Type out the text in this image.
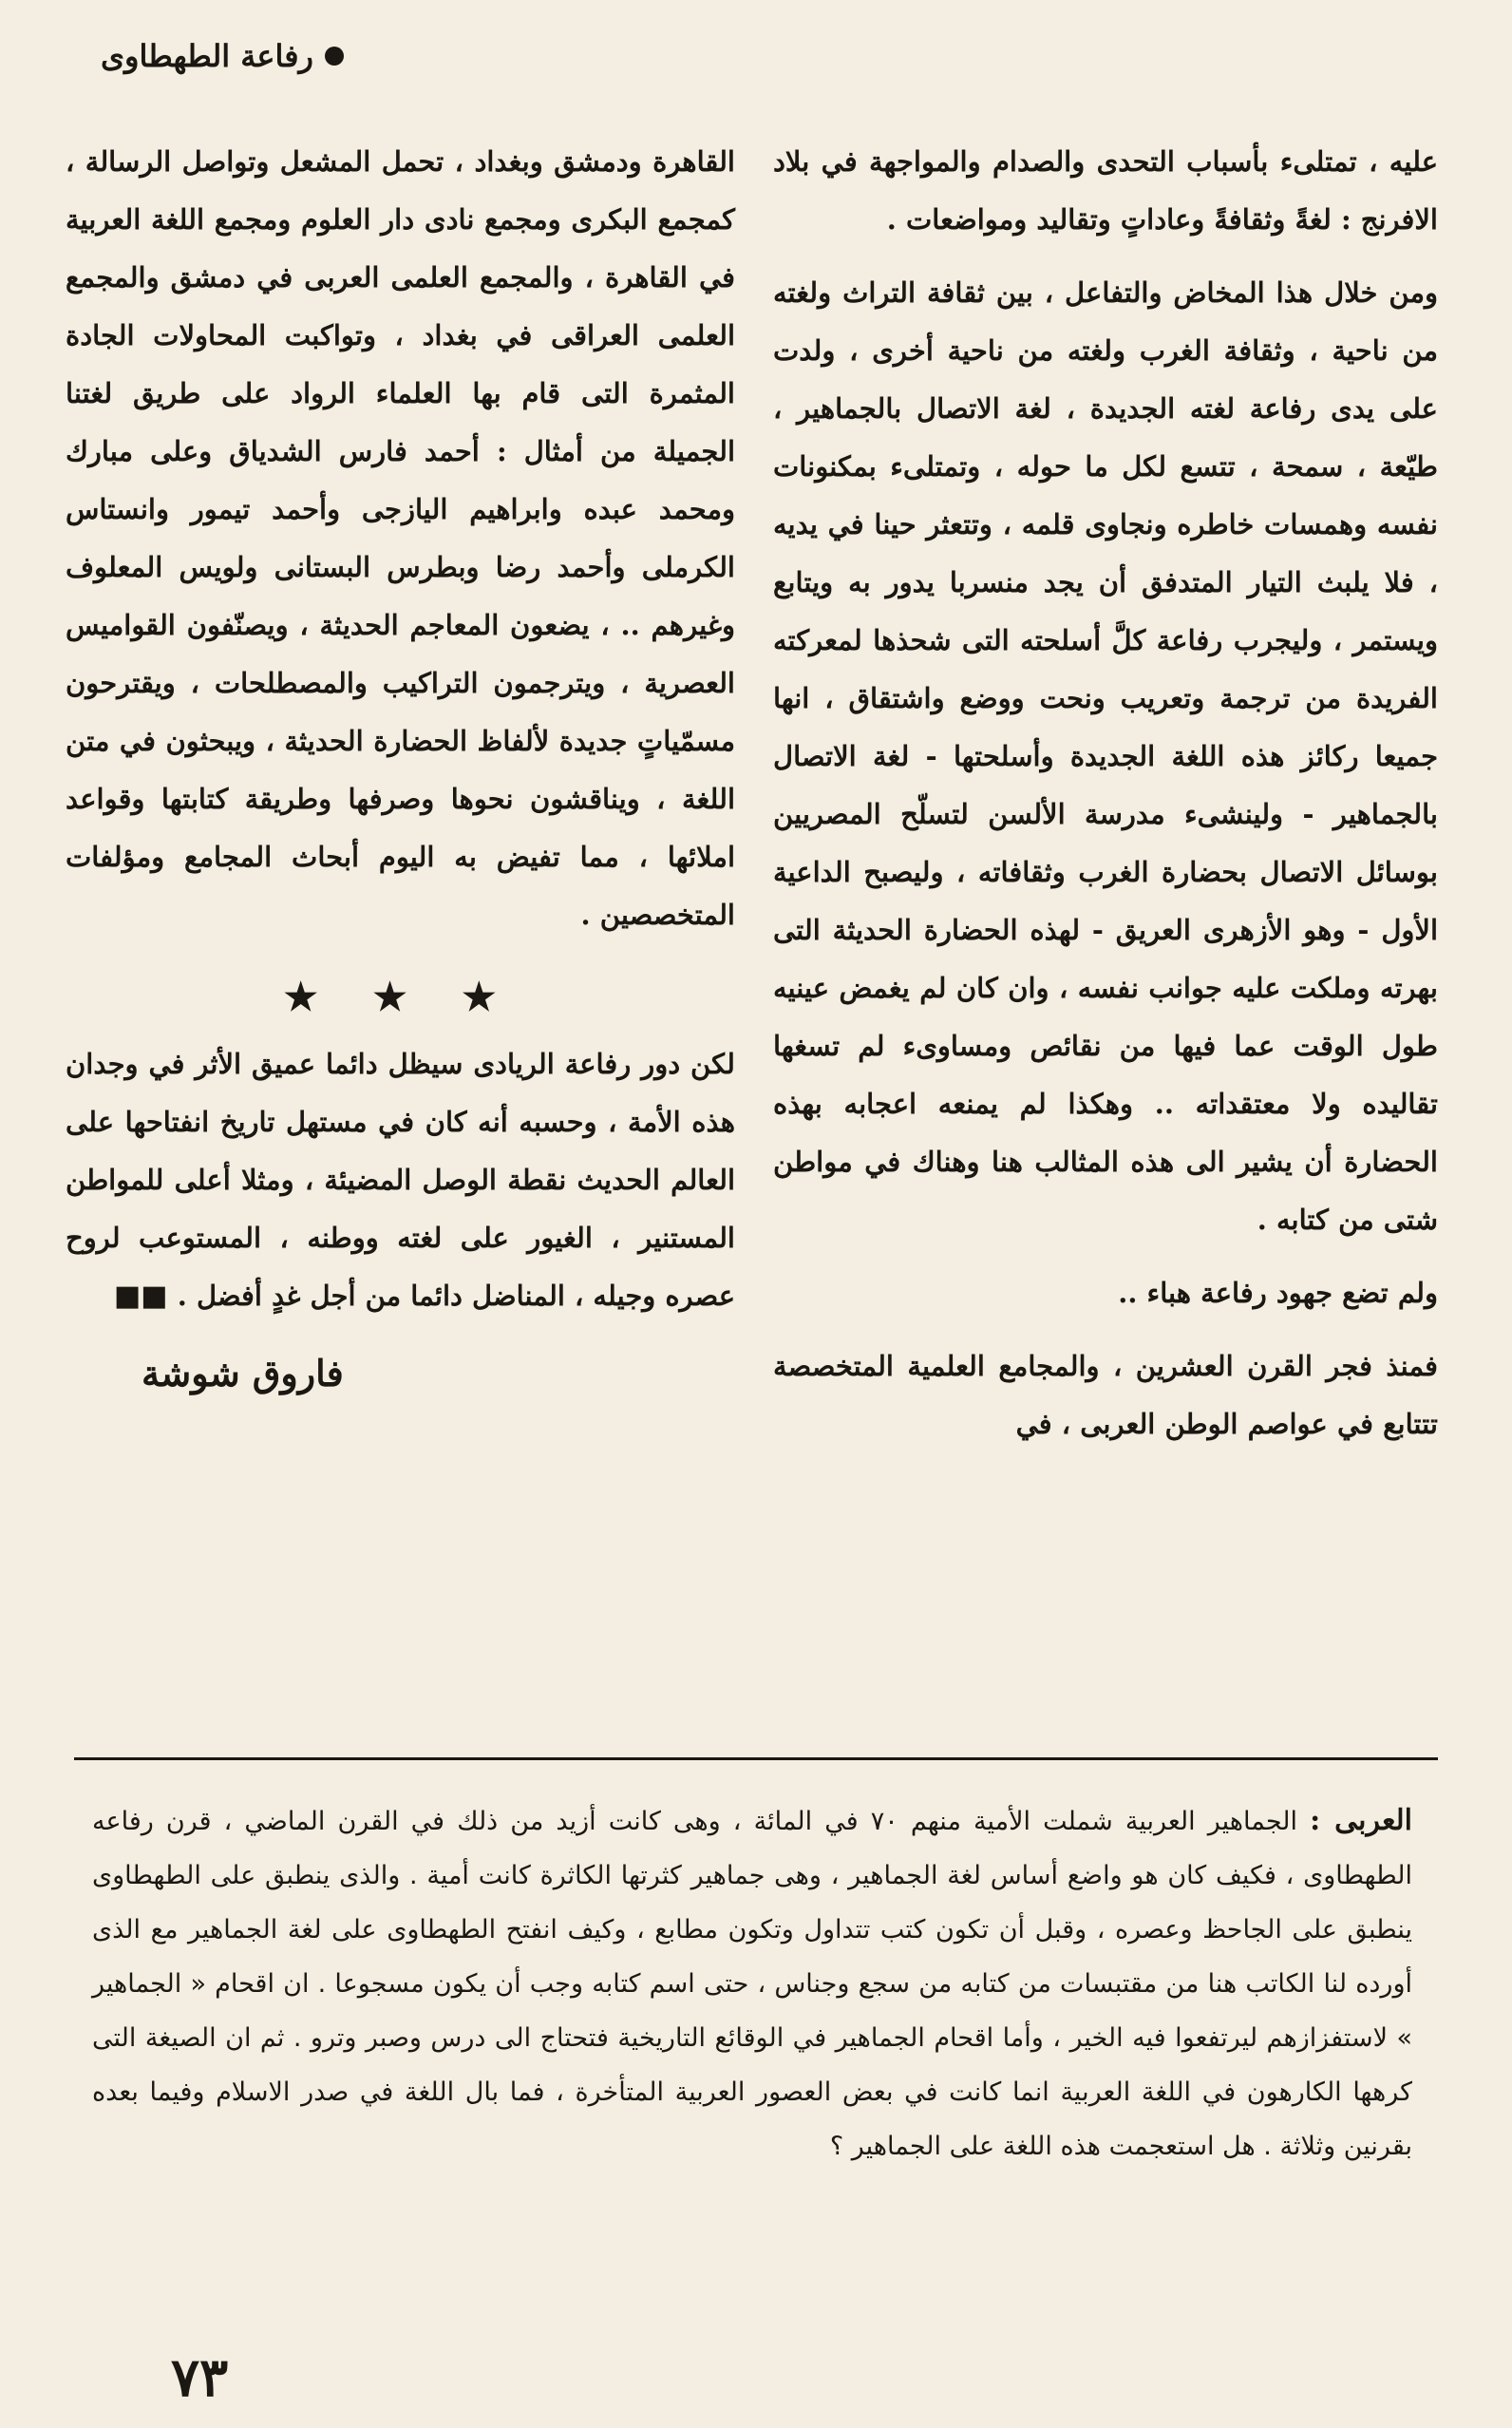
رفاعة الطهطاوى

عليه ، تمتلىء بأسباب التحدى والصدام والمواجهة في بلاد الافرنج : لغةً وثقافةً وعاداتٍ وتقاليد ومواضعات .

ومن خلال هذا المخاض والتفاعل ، بين ثقافة التراث ولغته من ناحية ، وثقافة الغرب ولغته من ناحية أخرى ، ولدت على يدى رفاعة لغته الجديدة ، لغة الاتصال بالجماهير ، طيّعة ، سمحة ، تتسع لكل ما حوله ، وتمتلىء بمكنونات نفسه وهمسات خاطره ونجاوى قلمه ، وتتعثر حينا في يديه ، فلا يلبث التيار المتدفق أن يجد منسربا يدور به ويتابع ويستمر ، وليجرب رفاعة كلَّ أسلحته التى شحذها لمعركته الفريدة من ترجمة وتعريب ونحت ووضع واشتقاق ، انها جميعا ركائز هذه اللغة الجديدة وأسلحتها - لغة الاتصال بالجماهير - ولينشىء مدرسة الألسن لتسلّح المصريين بوسائل الاتصال بحضارة الغرب وثقافاته ، وليصبح الداعية الأول - وهو الأزهرى العريق - لهذه الحضارة الحديثة التى بهرته وملكت عليه جوانب نفسه ، وان كان لم يغمض عينيه طول الوقت عما فيها من نقائص ومساوىء لم تسغها تقاليده ولا معتقداته .. وهكذا لم يمنعه اعجابه بهذه الحضارة أن يشير الى هذه المثالب هنا وهناك في مواطن شتى من كتابه .

ولم تضع جهود رفاعة هباء ..

فمنذ فجر القرن العشرين ، والمجامع العلمية المتخصصة تتتابع في عواصم الوطن العربى ، في

القاهرة ودمشق وبغداد ، تحمل المشعل وتواصل الرسالة ، كمجمع البكرى ومجمع نادى دار العلوم ومجمع اللغة العربية في القاهرة ، والمجمع العلمى العربى في دمشق والمجمع العلمى العراقى في بغداد ، وتواكبت المحاولات الجادة المثمرة التى قام بها العلماء الرواد على طريق لغتنا الجميلة من أمثال : أحمد فارس الشدياق وعلى مبارك ومحمد عبده وابراهيم اليازجى وأحمد تيمور وانستاس الكرملى وأحمد رضا وبطرس البستانى ولويس المعلوف وغيرهم .. ، يضعون المعاجم الحديثة ، ويصنّفون القواميس العصرية ، ويترجمون التراكيب والمصطلحات ، ويقترحون مسمّياتٍ جديدة لألفاظ الحضارة الحديثة ، ويبحثون في متن اللغة ، ويناقشون نحوها وصرفها وطريقة كتابتها وقواعد املائها ، مما تفيض به اليوم أبحاث المجامع ومؤلفات المتخصصين .

★ ★ ★

لكن دور رفاعة الريادى سيظل دائما عميق الأثر في وجدان هذه الأمة ، وحسبه أنه كان في مستهل تاريخ انفتاحها على العالم الحديث نقطة الوصل المضيئة ، ومثلا أعلى للمواطن المستنير ، الغيور على لغته ووطنه ، المستوعب لروح عصره وجيله ، المناضل دائما من أجل غدٍ أفضل . ■■

فاروق شوشة
العربى : الجماهير العربية شملت الأمية منهم ٧٠ في المائة ، وهى كانت أزيد من ذلك في القرن الماضي ، قرن رفاعه الطهطاوى ، فكيف كان هو واضع أساس لغة الجماهير ، وهى جماهير كثرتها الكاثرة كانت أمية . والذى ينطبق على الطهطاوى ينطبق على الجاحظ وعصره ، وقبل أن تكون كتب تتداول وتكون مطابع ، وكيف انفتح الطهطاوى على لغة الجماهير مع الذى أورده لنا الكاتب هنا من مقتبسات من كتابه من سجع وجناس ، حتى اسم كتابه وجب أن يكون مسجوعا . ان اقحام « الجماهير » لاستفزازهم ليرتفعوا فيه الخير ، وأما اقحام الجماهير في الوقائع التاريخية فتحتاج الى درس وصبر وترو . ثم ان الصيغة التى كرهها الكارهون في اللغة العربية انما كانت في بعض العصور العربية المتأخرة ، فما بال اللغة في صدر الاسلام وفيما بعده بقرنين وثلاثة . هل استعجمت هذه اللغة على الجماهير ؟
٧٣
